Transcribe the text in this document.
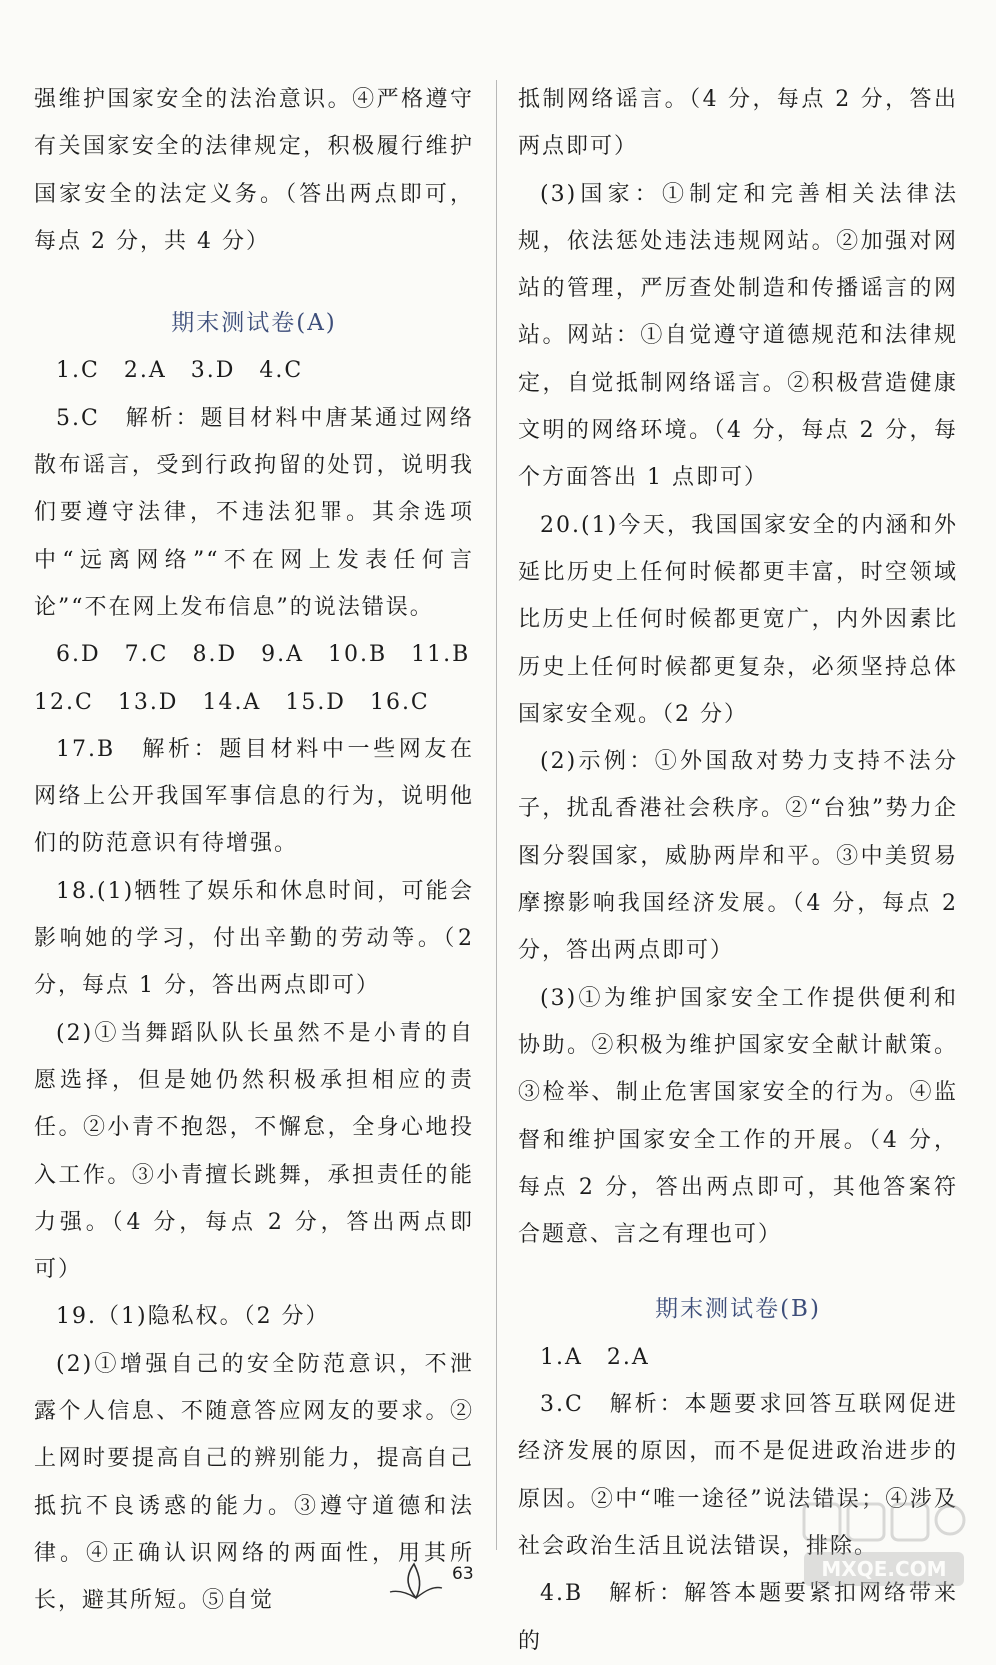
强维护国家安全的法治意识。④严格遵守有关国家安全的法律规定，积极履行维护国家安全的法定义务。（答出两点即可，每点 2 分，共 4 分）

期末测试卷(A)

1.C　2.A　3.D　4.C

5.C　解析：题目材料中唐某通过网络散布谣言，受到行政拘留的处罚，说明我们要遵守法律，不违法犯罪。其余选项中“远离网络”“不在网上发表任何言论”“不在网上发布信息”的说法错误。

6.D　7.C　8.D　9.A　10.B　11.B

12.C　13.D　14.A　15.D　16.C

17.B　解析：题目材料中一些网友在网络上公开我国军事信息的行为，说明他们的防范意识有待增强。

18.(1)牺牲了娱乐和休息时间，可能会影响她的学习，付出辛勤的劳动等。（2 分，每点 1 分，答出两点即可）

(2)①当舞蹈队队长虽然不是小青的自愿选择，但是她仍然积极承担相应的责任。②小青不抱怨，不懈怠，全身心地投入工作。③小青擅长跳舞，承担责任的能力强。（4 分，每点 2 分，答出两点即可）

19.（1)隐私权。（2 分）

(2)①增强自己的安全防范意识，不泄露个人信息、不随意答应网友的要求。②上网时要提高自己的辨别能力，提高自己抵抗不良诱惑的能力。③遵守道德和法律。④正确认识网络的两面性，用其所长，避其所短。⑤自觉

抵制网络谣言。（4 分，每点 2 分，答出两点即可）

(3)国家：①制定和完善相关法律法规，依法惩处违法违规网站。②加强对网站的管理，严厉查处制造和传播谣言的网站。网站：①自觉遵守道德规范和法律规定，自觉抵制网络谣言。②积极营造健康文明的网络环境。（4 分，每点 2 分，每个方面答出 1 点即可）

20.(1)今天，我国国家安全的内涵和外延比历史上任何时候都更丰富，时空领域比历史上任何时候都更宽广，内外因素比历史上任何时候都更复杂，必须坚持总体国家安全观。（2 分）

(2)示例：①外国敌对势力支持不法分子，扰乱香港社会秩序。②“台独”势力企图分裂国家，威胁两岸和平。③中美贸易摩擦影响我国经济发展。（4 分，每点 2 分，答出两点即可）

(3)①为维护国家安全工作提供便利和协助。②积极为维护国家安全献计献策。③检举、制止危害国家安全的行为。④监督和维护国家安全工作的开展。（4 分，每点 2 分，答出两点即可，其他答案符合题意、言之有理也可）

期末测试卷(B)

1.A　2.A

3.C　解析：本题要求回答互联网促进经济发展的原因，而不是促进政治进步的原因。②中“唯一途径”说法错误；④涉及社会政治生活且说法错误，排除。

4.B　解析：解答本题要紧扣网络带来的

MXQE.COM
63
